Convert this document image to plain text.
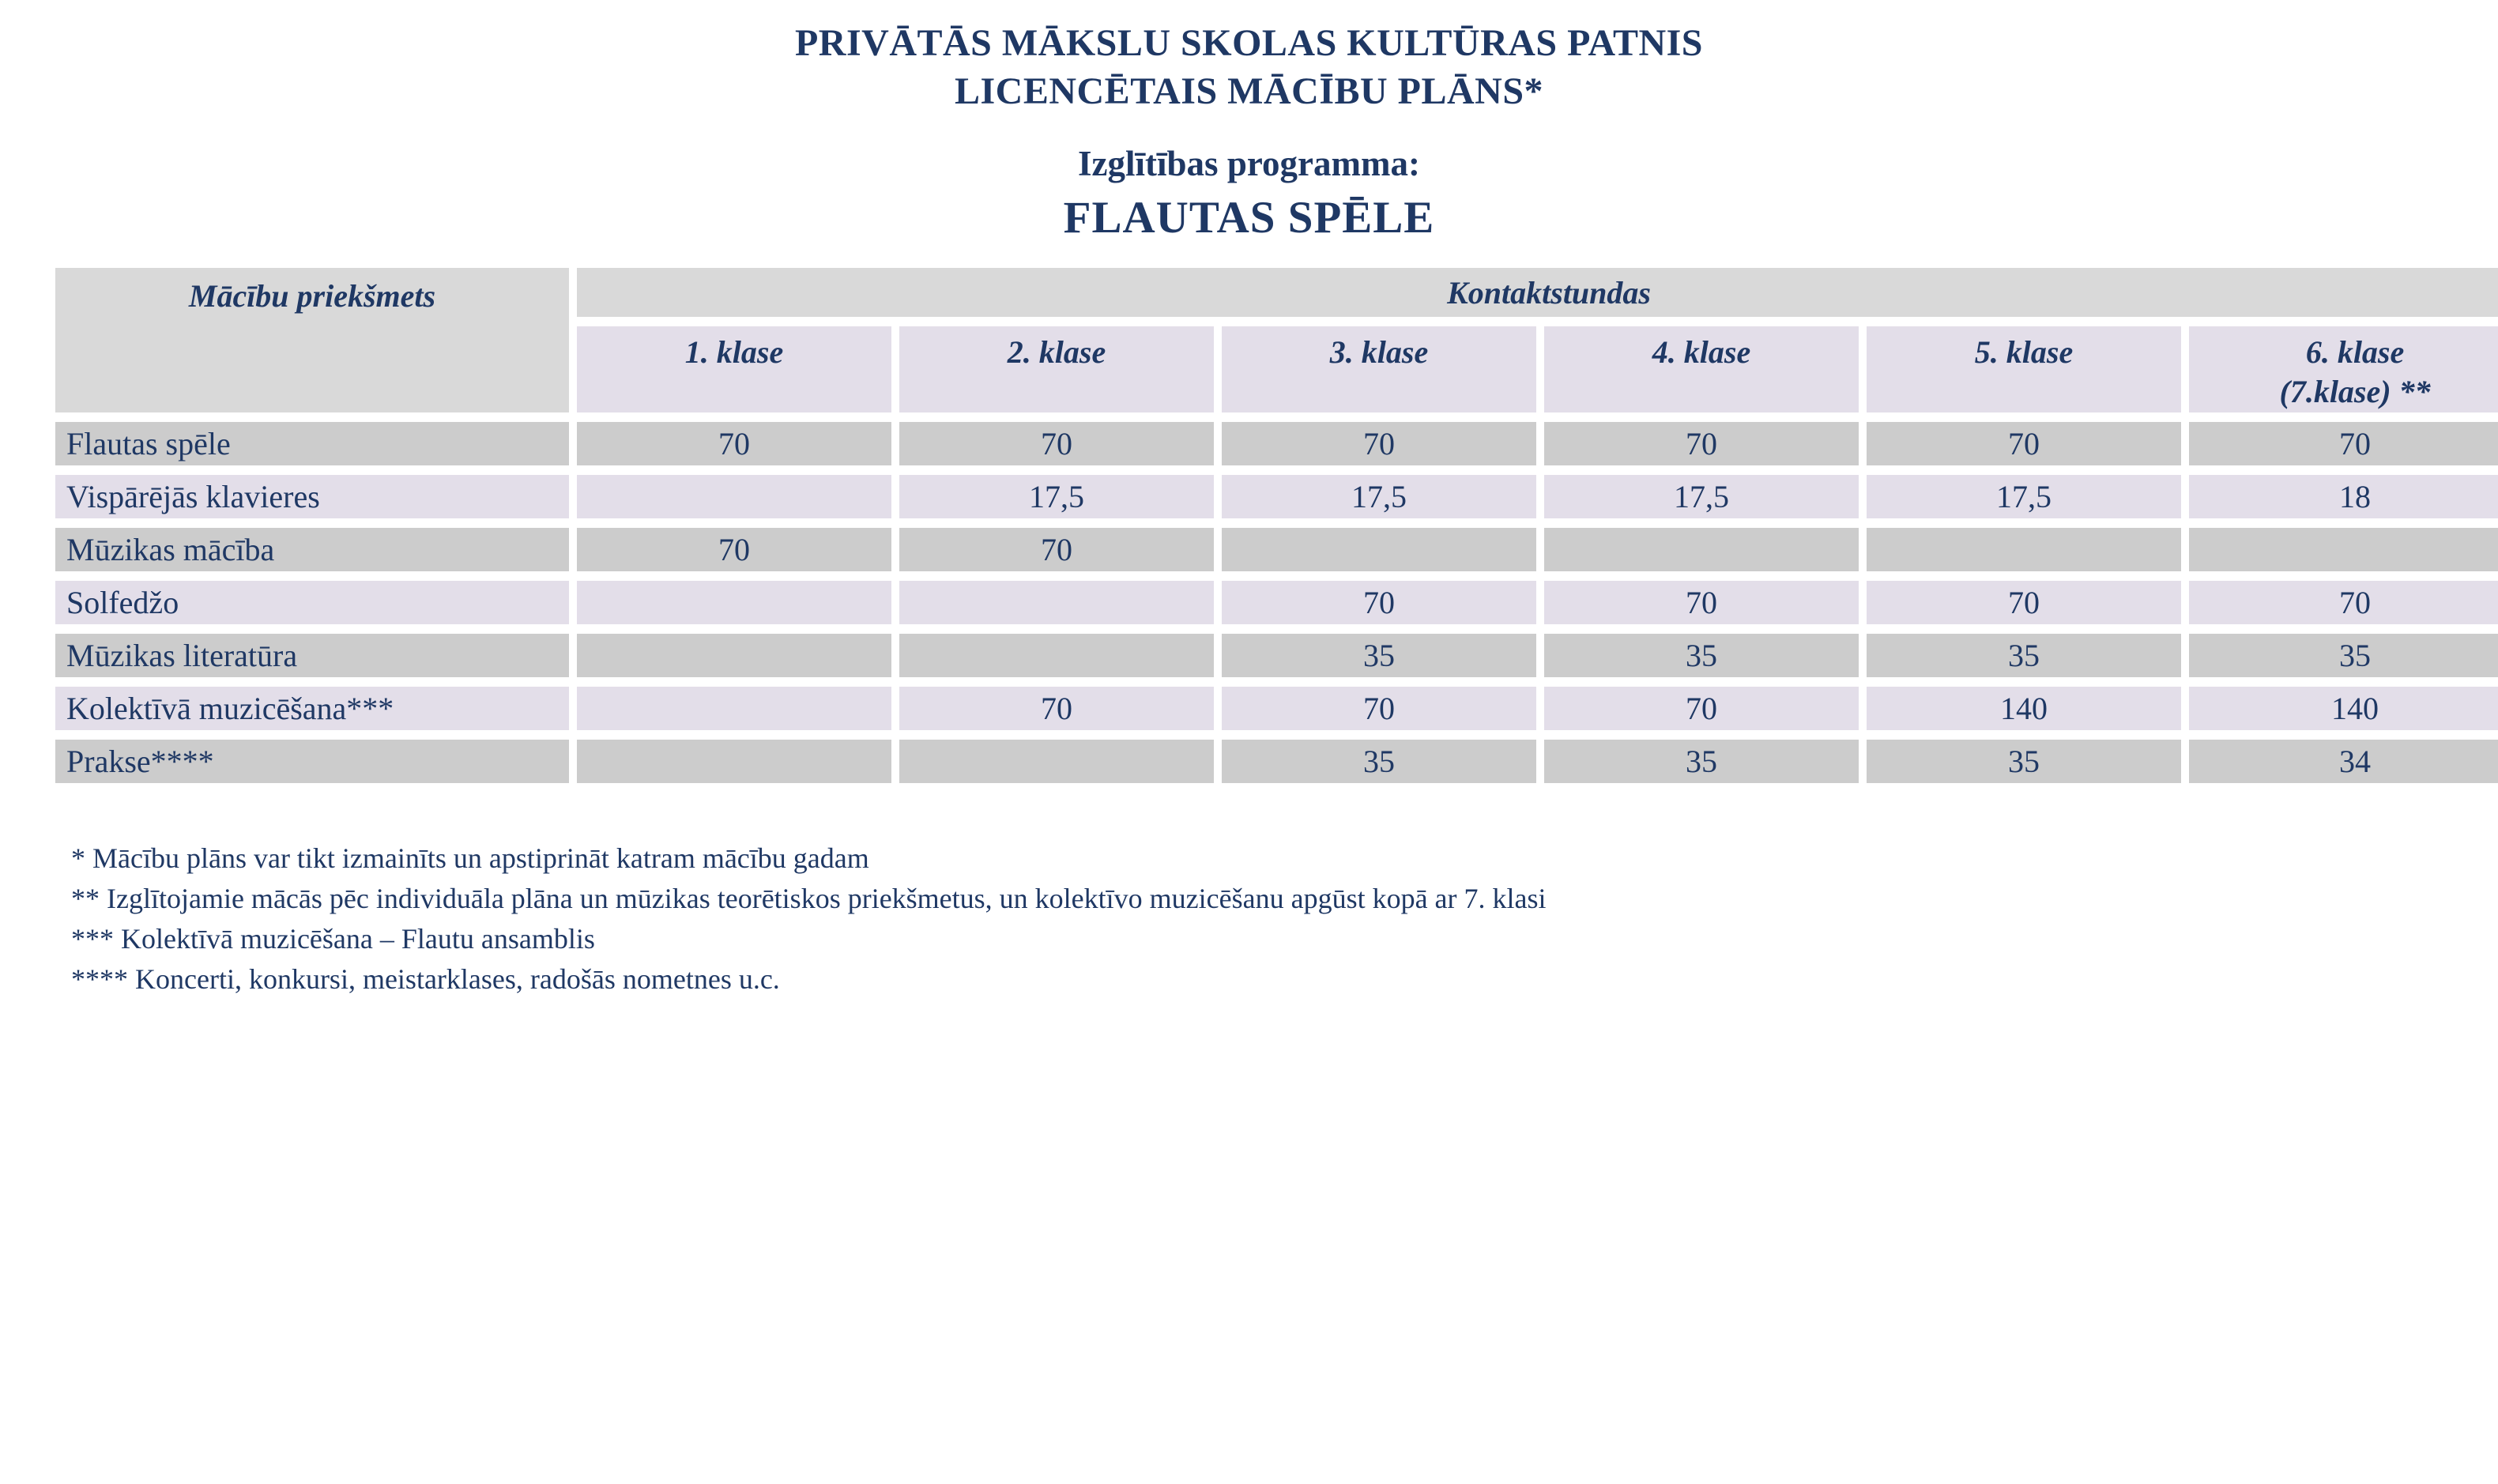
PRIVĀTĀS MĀKSLU SKOLAS KULTŪRAS PATNIS
LICENCĒTAIS MĀCĪBU PLĀNS*
Izglītības programma:
FLAUTAS SPĒLE
Mācību priekšmets	Kontaktstundas					

	1. klase	2. klase	3. klase	4. klase	5. klase	6. klase
(7.klase) **

Flautas spēle	70	70	70	70	70	70
Vispārējās klavieres		17,5	17,5	17,5	17,5	18
Mūzikas mācība	70	70				
Solfedžo			70	70	70	70
Mūzikas literatūra			35	35	35	35
Kolektīvā muzicēšana***		70	70	70	140	140
Prakse****			35	35	35	34
* Mācību plāns var tikt izmainīts un apstiprināt katram mācību gadam
** Izglītojamie mācās pēc individuāla plāna un mūzikas teorētiskos priekšmetus, un kolektīvo muzicēšanu apgūst kopā ar 7. klasi
*** Kolektīvā muzicēšana – Flautu ansamblis
**** Koncerti, konkursi, meistarklases, radošās nometnes u.c.
